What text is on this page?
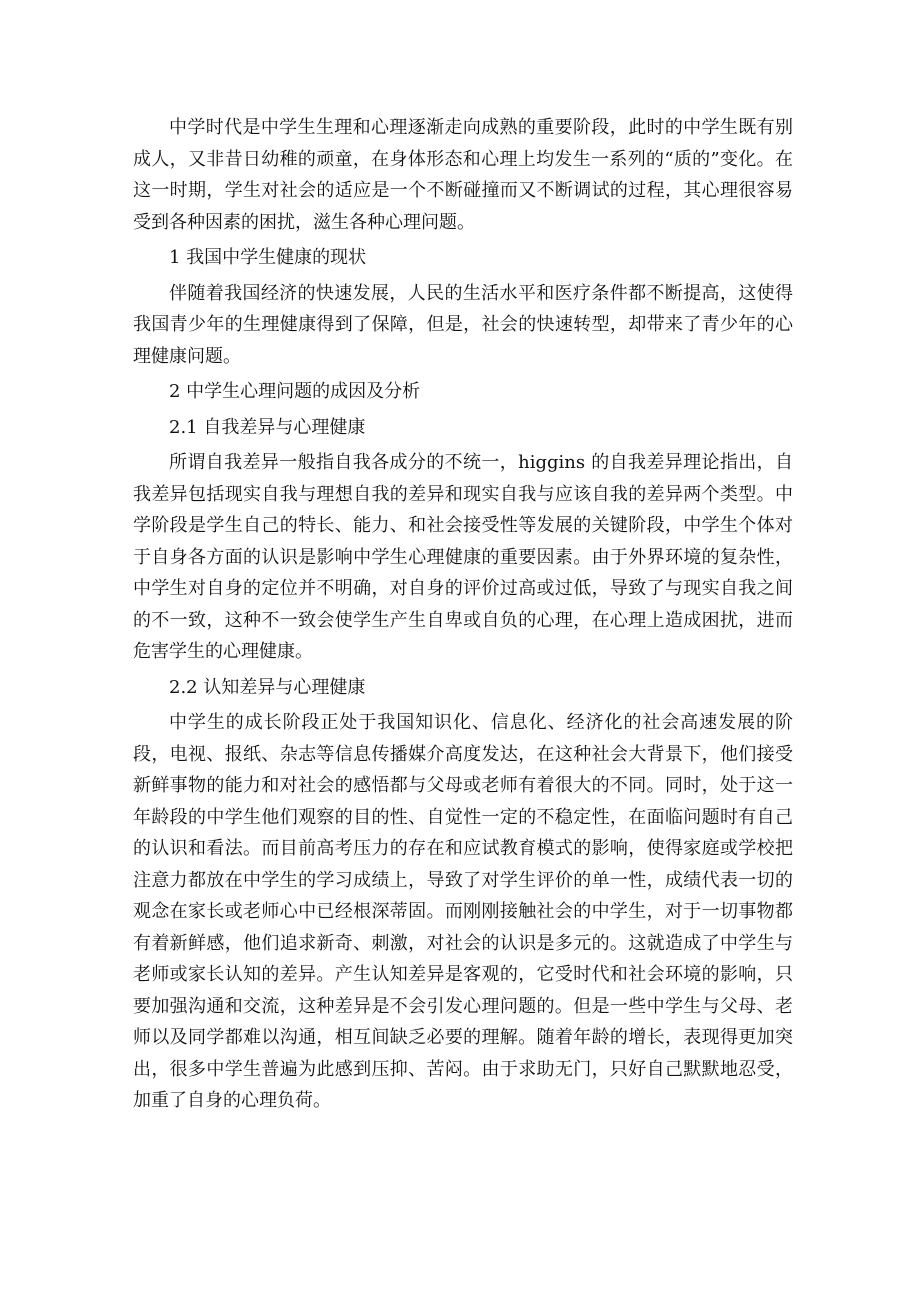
中学时代是中学生生理和心理逐渐走向成熟的重要阶段，此时的中学生既有别成人，又非昔日幼稚的顽童，在身体形态和心理上均发生一系列的“质的”变化。在这一时期，学生对社会的适应是一个不断碰撞而又不断调试的过程，其心理很容易受到各种因素的困扰，滋生各种心理问题。

1 我国中学生健康的现状

伴随着我国经济的快速发展，人民的生活水平和医疗条件都不断提高，这使得我国青少年的生理健康得到了保障，但是，社会的快速转型，却带来了青少年的心理健康问题。

2 中学生心理问题的成因及分析

2.1 自我差异与心理健康

所谓自我差异一般指自我各成分的不统一，higgins 的自我差异理论指出，自我差异包括现实自我与理想自我的差异和现实自我与应该自我的差异两个类型。中学阶段是学生自己的特长、能力、和社会接受性等发展的关键阶段，中学生个体对于自身各方面的认识是影响中学生心理健康的重要因素。由于外界环境的复杂性，中学生对自身的定位并不明确，对自身的评价过高或过低，导致了与现实自我之间的不一致，这种不一致会使学生产生自卑或自负的心理，在心理上造成困扰，进而危害学生的心理健康。

2.2 认知差异与心理健康

中学生的成长阶段正处于我国知识化、信息化、经济化的社会高速发展的阶段，电视、报纸、杂志等信息传播媒介高度发达，在这种社会大背景下，他们接受新鲜事物的能力和对社会的感悟都与父母或老师有着很大的不同。同时，处于这一年龄段的中学生他们观察的目的性、自觉性一定的不稳定性，在面临问题时有自己的认识和看法。而目前高考压力的存在和应试教育模式的影响，使得家庭或学校把注意力都放在中学生的学习成绩上，导致了对学生评价的单一性，成绩代表一切的观念在家长或老师心中已经根深蒂固。而刚刚接触社会的中学生，对于一切事物都有着新鲜感，他们追求新奇、刺激，对社会的认识是多元的。这就造成了中学生与老师或家长认知的差异。产生认知差异是客观的，它受时代和社会环境的影响，只要加强沟通和交流，这种差异是不会引发心理问题的。但是一些中学生与父母、老师以及同学都难以沟通，相互间缺乏必要的理解。随着年龄的增长，表现得更加突出，很多中学生普遍为此感到压抑、苦闷。由于求助无门，只好自己默默地忍受，加重了自身的心理负荷。
